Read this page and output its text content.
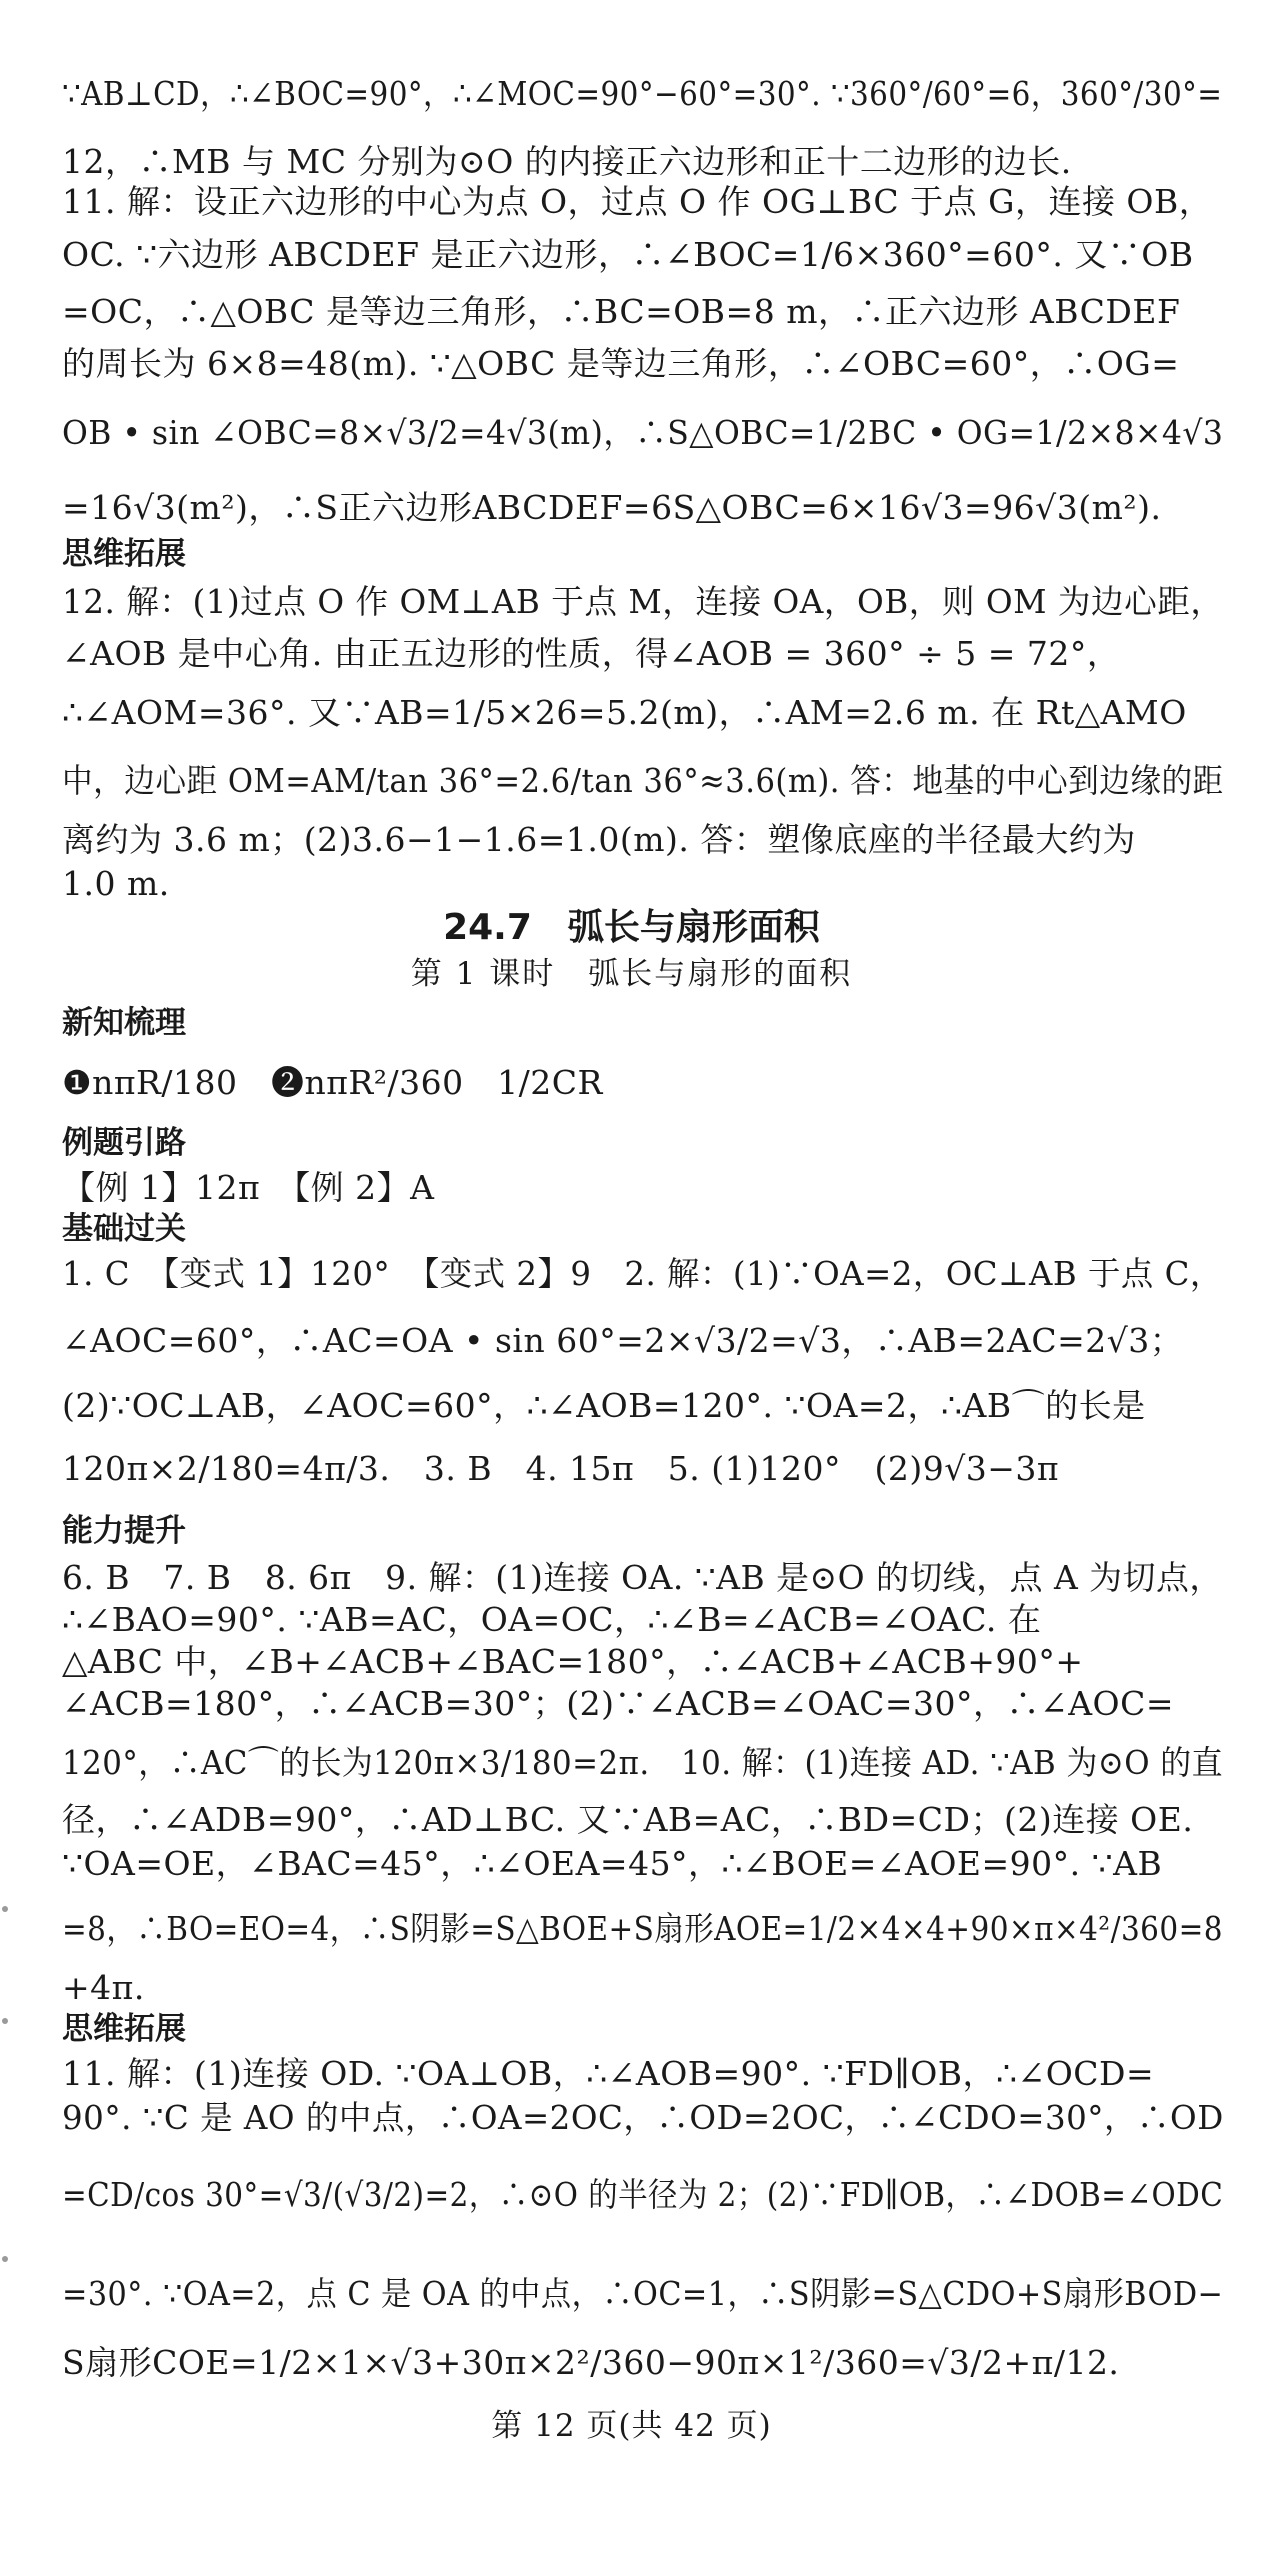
∵AB⊥CD，∴∠BOC=90°，∴∠MOC=90°−60°=30°. ∵360°/60°=6，360°/30°=
12，∴MB 与 MC 分别为⊙O 的内接正六边形和正十二边形的边长.
11. 解：设正六边形的中心为点 O，过点 O 作 OG⊥BC 于点 G，连接 OB，
OC. ∵六边形 ABCDEF 是正六边形，∴∠BOC=1/6×360°=60°. 又∵OB
=OC，∴△OBC 是等边三角形，∴BC=OB=8 m，∴正六边形 ABCDEF
的周长为 6×8=48(m). ∵△OBC 是等边三角形，∴∠OBC=60°，∴OG=
OB • sin ∠OBC=8×√3/2=4√3(m)，∴S△OBC=1/2BC • OG=1/2×8×4√3
=16√3(m²)，∴S正六边形ABCDEF=6S△OBC=6×16√3=96√3(m²).
思维拓展
12. 解：(1)过点 O 作 OM⊥AB 于点 M，连接 OA，OB，则 OM 为边心距，
∠AOB 是中心角. 由正五边形的性质，得∠AOB = 360° ÷ 5 = 72°，
∴∠AOM=36°. 又∵AB=1/5×26=5.2(m)，∴AM=2.6 m. 在 Rt△AMO
中，边心距 OM=AM/tan 36°=2.6/tan 36°≈3.6(m). 答：地基的中心到边缘的距
离约为 3.6 m；(2)3.6−1−1.6=1.0(m). 答：塑像底座的半径最大约为
1.0 m.
24.7　弧长与扇形面积
第 1 课时　弧长与扇形的面积
新知梳理
❶nπR/180　❷nπR²/360　1/2CR
例题引路
【例 1】12π　【例 2】A
基础过关
1. C　【变式 1】120°　【变式 2】9　2. 解：(1)∵OA=2，OC⊥AB 于点 C，
∠AOC=60°，∴AC=OA • sin 60°=2×√3/2=√3，∴AB=2AC=2√3；
(2)∵OC⊥AB，∠AOC=60°，∴∠AOB=120°. ∵OA=2，∴AB⌒的长是
120π×2/180=4π/3.　3. B　4. 15π　5. (1)120°　(2)9√3−3π
能力提升
6. B　7. B　8. 6π　9. 解：(1)连接 OA. ∵AB 是⊙O 的切线，点 A 为切点，
∴∠BAO=90°. ∵AB=AC，OA=OC，∴∠B=∠ACB=∠OAC. 在
△ABC 中，∠B+∠ACB+∠BAC=180°，∴∠ACB+∠ACB+90°+
∠ACB=180°，∴∠ACB=30°；(2)∵∠ACB=∠OAC=30°，∴∠AOC=
120°，∴AC⌒的长为120π×3/180=2π.　10. 解：(1)连接 AD. ∵AB 为⊙O 的直
径，∴∠ADB=90°，∴AD⊥BC. 又∵AB=AC，∴BD=CD；(2)连接 OE.
∵OA=OE，∠BAC=45°，∴∠OEA=45°，∴∠BOE=∠AOE=90°. ∵AB
=8，∴BO=EO=4，∴S阴影=S△BOE+S扇形AOE=1/2×4×4+90×π×4²/360=8
+4π.
思维拓展
11. 解：(1)连接 OD. ∵OA⊥OB，∴∠AOB=90°. ∵FD∥OB，∴∠OCD=
90°. ∵C 是 AO 的中点，∴OA=2OC，∴OD=2OC，∴∠CDO=30°，∴OD
=CD/cos 30°=√3/(√3/2)=2，∴⊙O 的半径为 2；(2)∵FD∥OB，∴∠DOB=∠ODC
=30°. ∵OA=2，点 C 是 OA 的中点，∴OC=1，∴S阴影=S△CDO+S扇形BOD−
S扇形COE=1/2×1×√3+30π×2²/360−90π×1²/360=√3/2+π/12.
第 12 页(共 42 页)
